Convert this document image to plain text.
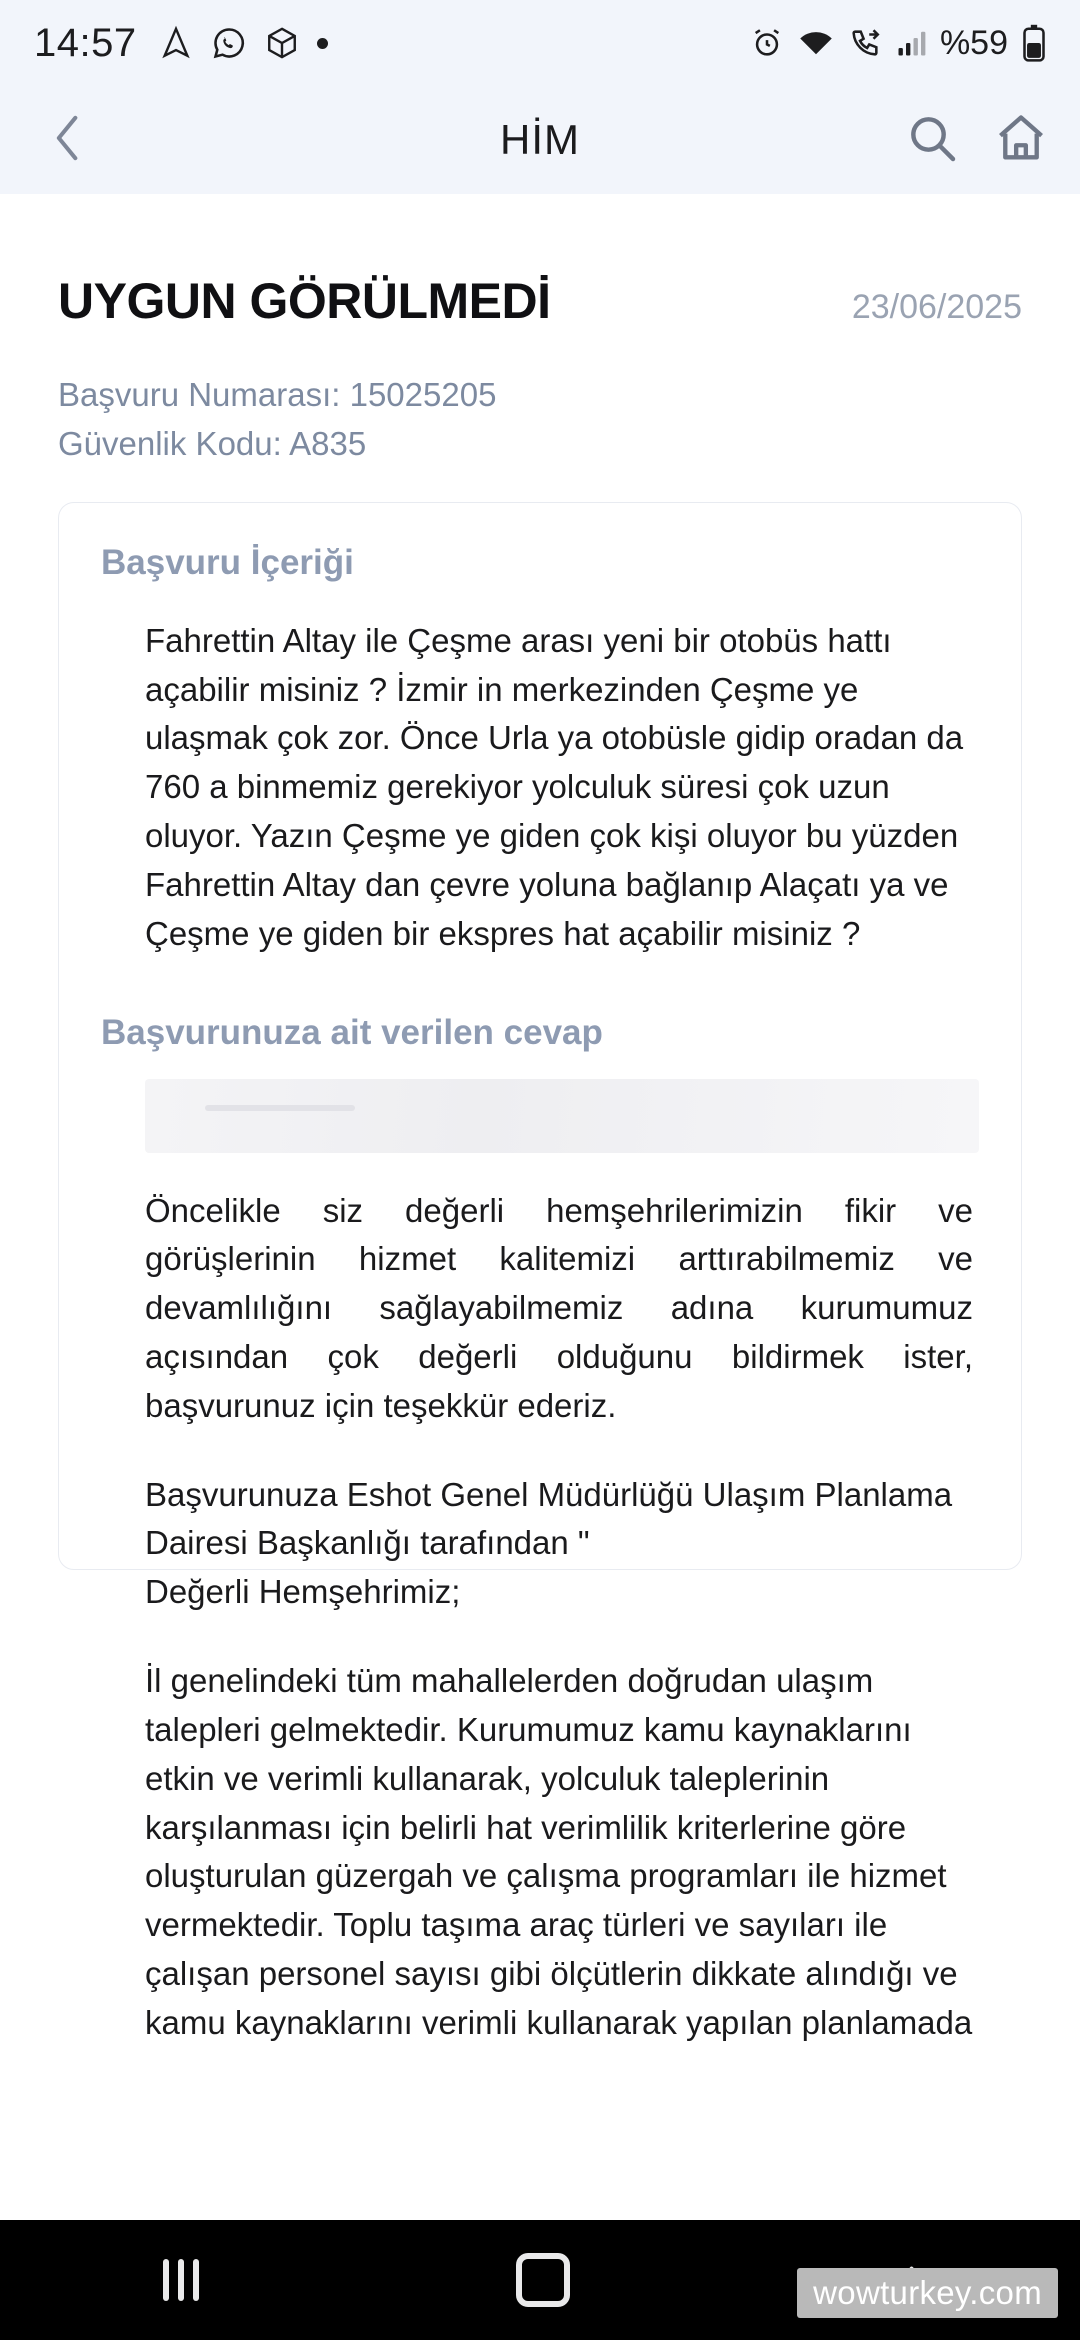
14:57	%59
HİM
UYGUN GÖRÜLMEDİ	23/06/2025
Başvuru Numarası: 15025205
Güvenlik Kodu: A835
Başvuru İçeriği
Fahrettin Altay ile Çeşme arası yeni bir otobüs hattı açabilir misiniz ? İzmir in merkezinden Çeşme ye ulaşmak çok zor. Önce Urla ya otobüsle gidip oradan da 760 a binmemiz gerekiyor yolculuk süresi çok uzun oluyor. Yazın Çeşme ye giden çok kişi oluyor bu yüzden Fahrettin Altay dan çevre yoluna bağlanıp Alaçatı ya ve Çeşme ye giden bir ekspres hat açabilir misiniz ?
Başvurunuza ait verilen cevap
Öncelikle siz değerli hemşehrilerimizin fikir ve görüşlerinin hizmet kalitemizi arttırabilmemiz ve devamlılığını sağlayabilmemiz adına kurumumuz açısından çok değerli olduğunu bildirmek ister, başvurunuz için teşekkür ederiz.
Başvurunuza Eshot Genel Müdürlüğü Ulaşım Planlama Dairesi Başkanlığı tarafından "
Değerli Hemşehrimiz;
İl genelindeki tüm mahallelerden doğrudan ulaşım talepleri gelmektedir. Kurumumuz kamu kaynaklarını etkin ve verimli kullanarak, yolculuk taleplerinin karşılanması için belirli hat verimlilik kriterlerine göre oluşturulan güzergah ve çalışma programları ile hizmet vermektedir. Toplu taşıma araç türleri ve sayıları ile çalışan personel sayısı gibi ölçütlerin dikkate alındığı ve kamu kaynaklarını verimli kullanarak yapılan planlamada
wowturkey.com
